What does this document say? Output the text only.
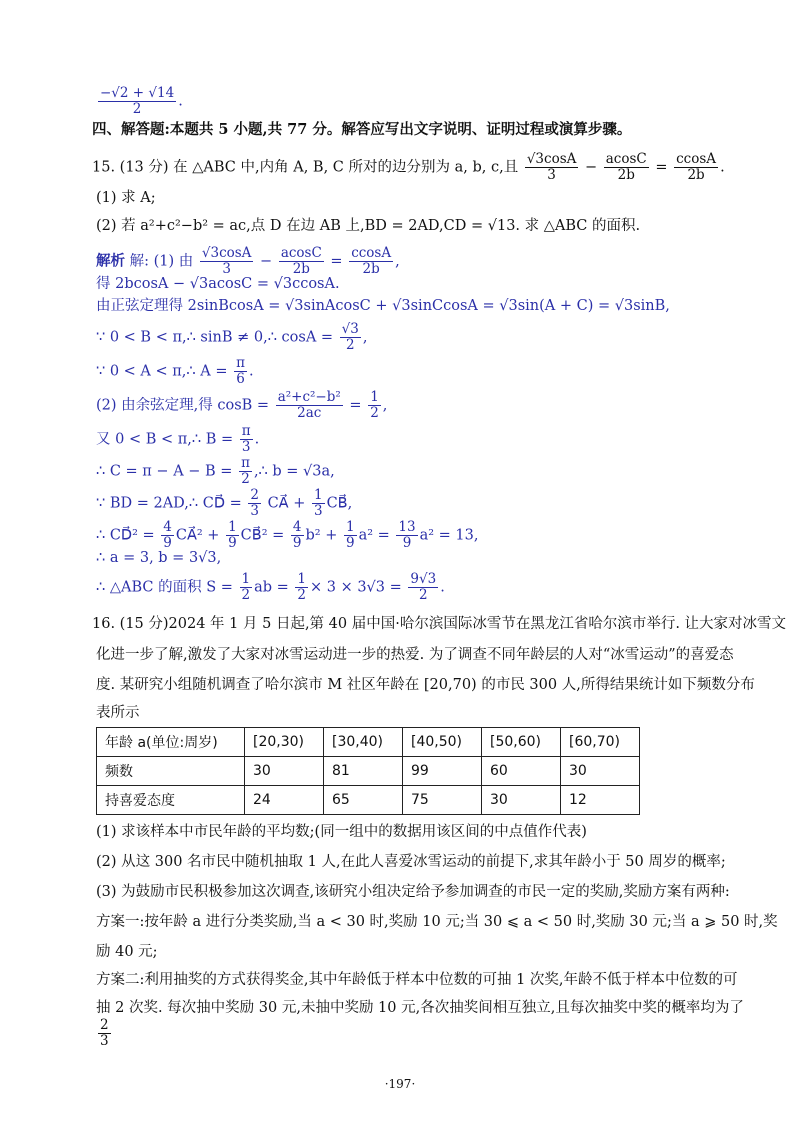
$\frac{-√2 + √14}{2}$ .
四、解答题:本题共 5 小题,共 77 分。解答应写出文字说明、证明过程或演算步骤。
15. (13 分) 在 △ABC 中,内角 A, B, C 所对的边分别为 a, b, c,且 $\frac{√3\cos A}{3} - \frac{acosC}{2b} = \frac{ccosA}{2b}$ .
(1) 求 A;
(2) 若 a²+c²−b² = ac,点 D 在边 AB 上,BD = 2AD,CD = √13. 求 △ABC 的面积.
解析 解: (1) 由 $\frac{√3\cos A}{3} - \frac{acosC}{2b} = \frac{ccosA}{2b}$ ,
得 2bcosA − √3acosC = √3ccosA.
由正弦定理得 2sinBcosA = √3sinAcosC + √3sinCcosA = √3sin(A + C) = √3sinB,
∵ 0 < B < π,∴ sinB ≠ 0,∴ $\cos A = \frac{√3}{2}$ ,
∵ 0 < A < π,∴ $A = \frac{\pi}{6}$ .
(2) 由余弦定理,得 $\cos B = \frac{\text{a²+c²−b²}}{2ac} = \frac{1}{2}$ ,
又 0 < B < π,∴ $B = \frac{\pi}{3}$ .
∴ $C = \pi - A - B = \frac{\pi}{2}$ ,∴ b = √3a,
∵ BD = 2AD,∴ CD⃗ = $\frac{2}{3}$ CA⃗ + $\frac{1}{3}$ CB⃗,
∴ CD⃗² = $\frac{4}{9}$ CA⃗² + $\frac{1}{9}$ CB⃗² = $\frac{4}{9} b^2 + \frac{1}{9} a^2 = \frac{13}{9} a^2 = 13$,
∴ a = 3, b = 3√3,
∴ △ABC 的面积 $S = \frac{1}{2}$ ab = $\frac{1}{2} \times 3 \times 3√3 = \frac{9√3}{2}$ .
16. (15 分)2024 年 1 月 5 日起,第 40 届中国·哈尔滨国际冰雪节在黑龙江省哈尔滨市举行. 让大家对冰雪文
化进一步了解,激发了大家对冰雪运动进一步的热爱. 为了调查不同年龄层的人对“冰雪运动”的喜爱态
度. 某研究小组随机调查了哈尔滨市 M 社区年龄在 [20,70) 的市民 300 人,所得结果统计如下频数分布
表所示
年龄 a(单位:周岁)	[20,30)	[30,40)	[40,50)	[50,60)	[60,70)
频数	30	81	99	60	30
持喜爱态度	24	65	75	30	12
(1) 求该样本中市民年龄的平均数;(同一组中的数据用该区间的中点值作代表)
(2) 从这 300 名市民中随机抽取 1 人,在此人喜爱冰雪运动的前提下,求其年龄小于 50 周岁的概率;
(3) 为鼓励市民积极参加这次调查,该研究小组决定给予参加调查的市民一定的奖励,奖励方案有两种:
方案一:按年龄 a 进行分类奖励,当 a < 30 时,奖励 10 元;当 30 ⩽ a < 50 时,奖励 30 元;当 a ⩾ 50 时,奖
励 40 元;
方案二:利用抽奖的方式获得奖金,其中年龄低于样本中位数的可抽 1 次奖,年龄不低于样本中位数的可
抽 2 次奖. 每次抽中奖励 30 元,未抽中奖励 10 元,各次抽奖间相互独立,且每次抽奖中奖的概率均为了
$\frac{2}{3}$
·197·
